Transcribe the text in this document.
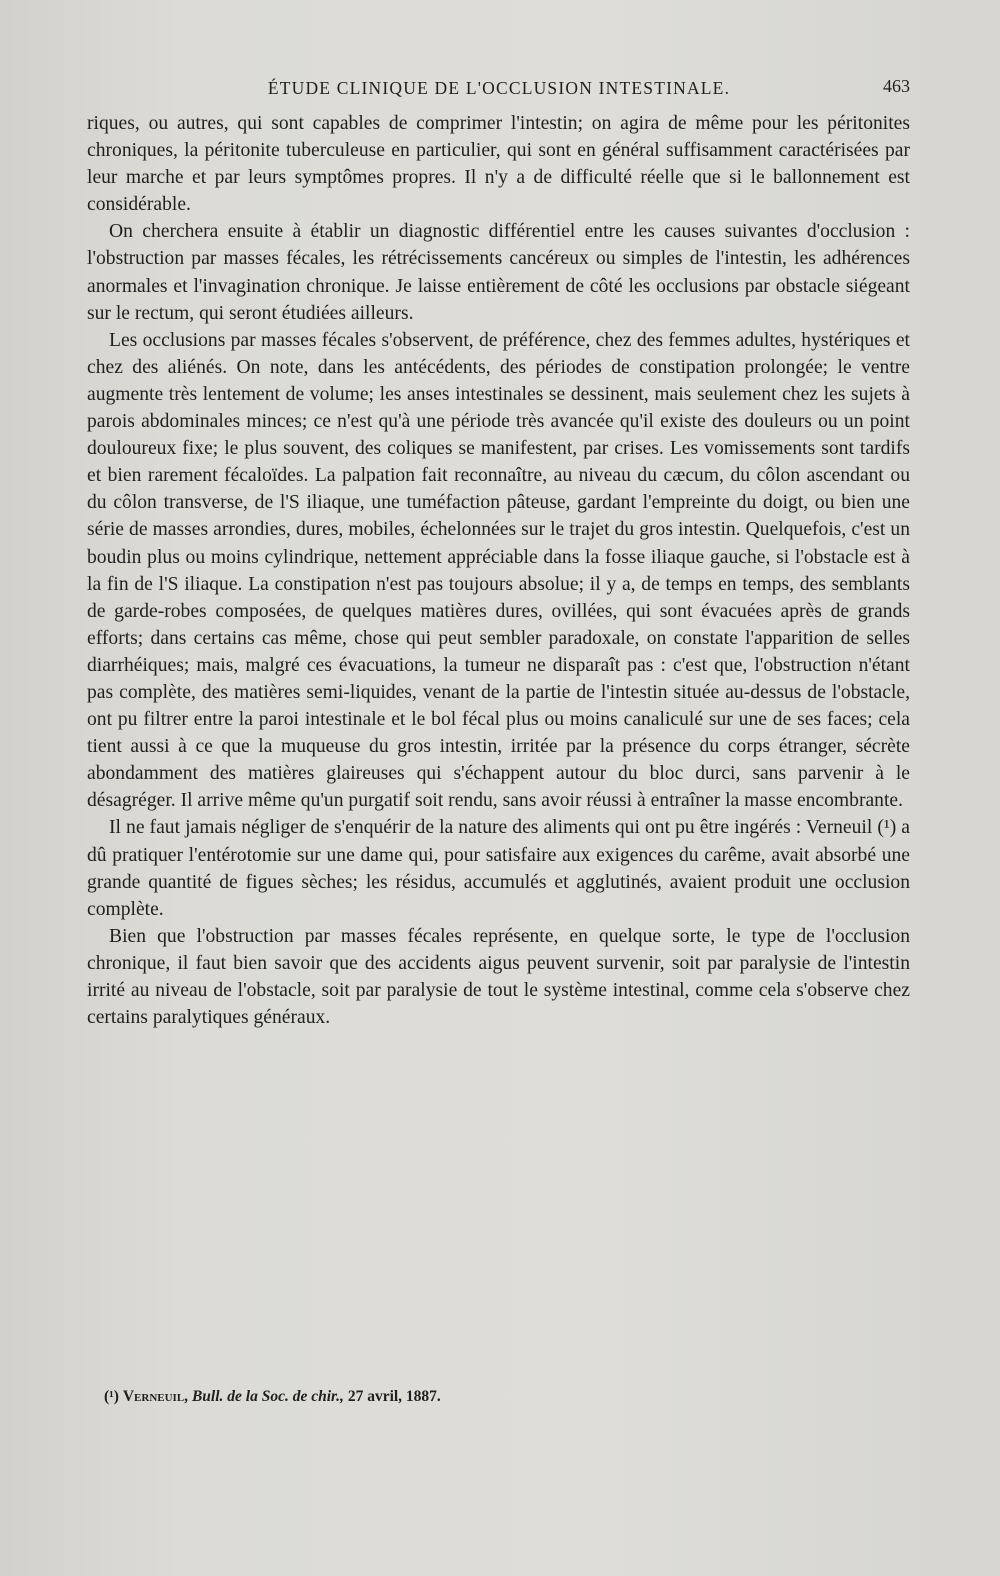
ÉTUDE CLINIQUE DE L'OCCLUSION INTESTINALE.	463

riques, ou autres, qui sont capables de comprimer l'intestin; on agira de même pour les péritonites chroniques, la péritonite tuberculeuse en particulier, qui sont en général suffisamment caractérisées par leur marche et par leurs symptômes propres. Il n'y a de difficulté réelle que si le ballonnement est considérable.

On cherchera ensuite à établir un diagnostic différentiel entre les causes suivantes d'occlusion : l'obstruction par masses fécales, les rétrécissements cancéreux ou simples de l'intestin, les adhérences anormales et l'invagination chronique. Je laisse entièrement de côté les occlusions par obstacle siégeant sur le rectum, qui seront étudiées ailleurs.

Les occlusions par masses fécales s'observent, de préférence, chez des femmes adultes, hystériques et chez des aliénés. On note, dans les antécédents, des périodes de constipation prolongée; le ventre augmente très lentement de volume; les anses intestinales se dessinent, mais seulement chez les sujets à parois abdominales minces; ce n'est qu'à une période très avancée qu'il existe des douleurs ou un point douloureux fixe; le plus souvent, des coliques se manifestent, par crises. Les vomissements sont tardifs et bien rarement fécaloïdes. La palpation fait reconnaître, au niveau du cæcum, du côlon ascendant ou du côlon transverse, de l'S iliaque, une tuméfaction pâteuse, gardant l'empreinte du doigt, ou bien une série de masses arrondies, dures, mobiles, échelonnées sur le trajet du gros intestin. Quelquefois, c'est un boudin plus ou moins cylindrique, nettement appréciable dans la fosse iliaque gauche, si l'obstacle est à la fin de l'S iliaque. La constipation n'est pas toujours absolue; il y a, de temps en temps, des semblants de garde-robes composées, de quelques matières dures, ovillées, qui sont évacuées après de grands efforts; dans certains cas même, chose qui peut sembler paradoxale, on constate l'apparition de selles diarrhéiques; mais, malgré ces évacuations, la tumeur ne disparaît pas : c'est que, l'obstruction n'étant pas complète, des matières semi-liquides, venant de la partie de l'intestin située au-dessus de l'obstacle, ont pu filtrer entre la paroi intestinale et le bol fécal plus ou moins canaliculé sur une de ses faces; cela tient aussi à ce que la muqueuse du gros intestin, irritée par la présence du corps étranger, sécrète abondamment des matières glaireuses qui s'échappent autour du bloc durci, sans parvenir à le désagréger. Il arrive même qu'un purgatif soit rendu, sans avoir réussi à entraîner la masse encombrante.

Il ne faut jamais négliger de s'enquérir de la nature des aliments qui ont pu être ingérés : Verneuil (¹) a dû pratiquer l'entérotomie sur une dame qui, pour satisfaire aux exigences du carême, avait absorbé une grande quantité de figues sèches; les résidus, accumulés et agglutinés, avaient produit une occlusion complète.

Bien que l'obstruction par masses fécales représente, en quelque sorte, le type de l'occlusion chronique, il faut bien savoir que des accidents aigus peuvent survenir, soit par paralysie de l'intestin irrité au niveau de l'obstacle, soit par paralysie de tout le système intestinal, comme cela s'observe chez certains paralytiques généraux.

(¹) Verneuil, Bull. de la Soc. de chir., 27 avril, 1887.
